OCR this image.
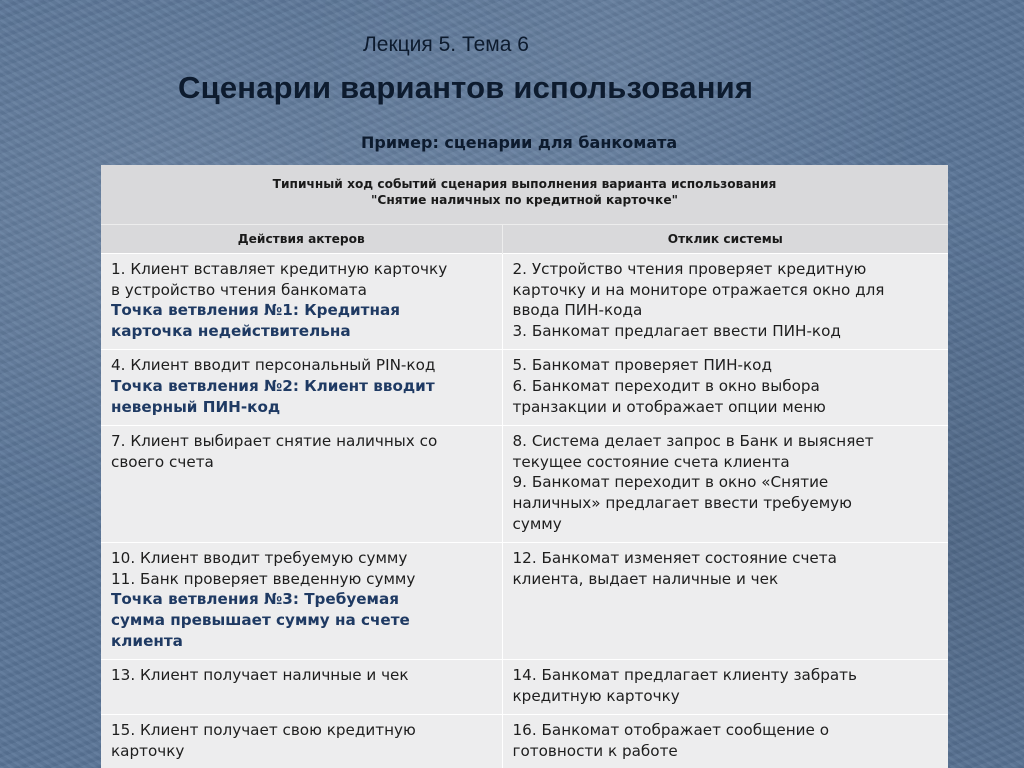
Лекция 5. Тема 6
Сценарии вариантов использования
Пример: сценарии для банкомата
Типичный ход событий сценария выполнения варианта использования
"Снятие наличных по кредитной карточке"	

Действия актеров	Отклик системы

1. Клиент вставляет кредитную карточку
в устройство чтения банкомата
Точка ветвления №1: Кредитная
карточка недействительна	2. Устройство чтения проверяет кредитную
карточку и на мониторе отражается окно для
ввода ПИН-кода
3. Банкомат предлагает ввести ПИН-код

4. Клиент вводит персональный PIN-код
Точка ветвления №2: Клиент вводит
неверный ПИН-код	5. Банкомат проверяет ПИН-код
6. Банкомат переходит в окно выбора
транзакции и отображает опции меню

7. Клиент выбирает снятие наличных со
своего счета	8. Система делает запрос в Банк и выясняет
текущее состояние счета клиента
9. Банкомат переходит в окно «Снятие
наличных» предлагает ввести требуемую
сумму

10. Клиент вводит требуемую сумму
11. Банк проверяет введенную сумму
Точка ветвления №3: Требуемая
сумма превышает сумму на счете
клиента	12. Банкомат изменяет состояние счета
клиента, выдает наличные и чек

13. Клиент получает наличные и чек	14. Банкомат предлагает клиенту забрать
кредитную карточку

15. Клиент получает свою кредитную
карточку	16. Банкомат отображает сообщение о
готовности к работе
